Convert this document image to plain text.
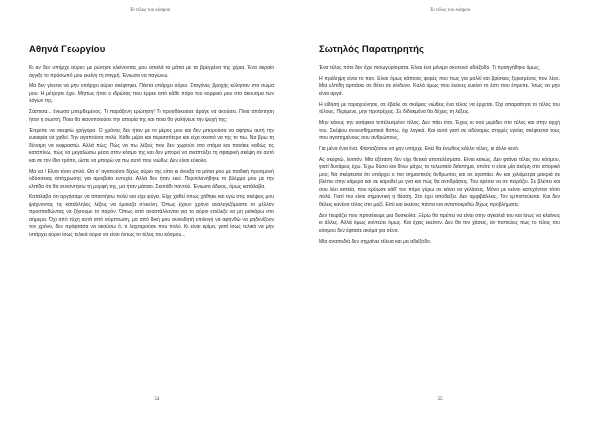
Το τέλος του κόσμου
Αθηνά Γεωργίου

Κι αν δεν υπήρχε αύριο; με ρώτησε κλείνοντας μου απαλά τα μάτια με τα βρεγμένα της χέρια. Ένα ακραίο άγγιξε το πρόσωπό μου εκείνη τη στιγμή. Ένιωσα να παγώνω.

Μα δεν γίνεται να μην υπάρχει αύριο σκέφτηκα. Πάντα υπάρχει αύριο. Σταγόνες βροχής κύλησαν στο σώμα μου. Η μέτρησε έχει. Μήπως ήταν ο ιδρώτας που έρρεε από κάθε πόρο του κορμιού μου στο άκουσμα των λόγων της.

Σάστισα... ένιωσα μπερδεμένος. Τι παράξενη ερώτηση! Τι προσδοκούσε άραγε να ακούσει. Ποια απάντηση ήταν η σωστή; Ποια θα ικανοποιούσε την απορία της και ποια θα γαλήνευε την ψυχή της;

Έπρεπε να σκεφτώ γρήγορα. Ο χρόνος δεν ήταν με το μέρος μου και δεν μπορούσα να αφήσω αυτή την ευκαιρία να χαθεί. Την αγαπούσα πολύ. Κάθε μέρα και περισσότερο και είχα σκοπό να της το πω. Να βρω τη δύναμη να εκφραστώ. Αλλά πώς; Πώς να πω λέξεις που δεν χωρούν στο στόμα και πανάκε καθώς τις καταπίνω, πώς να μεγαλώσω μέσα στον κόσμο της και δεν μπορεί να αναπτύξει τη σφαιρική σκέψη σε αυτό και σε τον ίδιο τρόπο, ώστε να μπορώ να πω αυτό που νιώθω; Δεν είναι εύκολο.

Μα να ! Είναι τόσο απλό. Θα σ’ αγαπούσα δίχως αύριο της είπα κι άνοιξα τα μάτια μου με παιδική προσμονή οδύσσειας απόχρωσης για αμοιβαία ευτυχία. Αλλά δεν ήταν εκεί. Περιπλανήθηκε το βλέμμα μου με την ελπίδα ότι θα συναντήσω τη μορφή της, μα ήταν μάταιο. Σκοτάδι παντού. Ένιωσα άδειος, όμως κατάλαβα.

Κατάλαβα ότι αργήσαμε να απαντήσω πολύ και είχε φύγει. Είχε χαθεί όπως χάθηκε και εγώ στις σκέψεις μου ψάχνοντας τις κατάλληλες λέξεις να έμοιαζα σ'εκείνη. Όπως έχουν χρόνο αναλογιζόμαστε το μέλλον προσπαθώντας να ζήσουμε το παρόν. Όπως από αναστάλλονται για το αύριο επέλεξε να μη ρισκάρω στο σήμερα. Όχι από τύχη αυτά από σύμπτωση, μα από δική μου συνειδητή επιλογή να αφηνθώ να μηδενίζουν τον χρόνο, δεν πρόφτασα να ακούσω ό, τι λαχταρούσε που πολύ. Κι είναι κρίμα, γιατί ίσως τελικά να μην υπάρχει αύριο ίσως τελικά αύριο να είναι όντως το τέλος του κόσμου...

54
Το τέλος του κόσμου
Σωτηλός Παρατηρητής

Ένα τέλος πότε δεν έχει πισωγυρίσματα. Είναι ένα μόνιμο σκοτεινό αδιέξοδο. Τι προηγήθηκε όμως;

Η πράληψη είναι το παν. Είναι όμως κάποιος φορές που πως για μαλλί και βρίσκεις ξυρισμένος που λένε. Μία ελπίδη αρπάσει σε θέτει σε κίνδυνο. Καλά όμως που έκανες ευκίνο το έστι που έπρεπε. Ίσως να μην είναι αργά.

Η είδηση με ταραχούνησε, σε έβαλε σε σκέψεις νιώθεις ένα τέλος να έρχεται. Όχι απαραίτητα το τέλος του τέλους. Περίμενε, μην προτρέχεις. Σε διδακμένα θα δέχεις τη λέξεις.

Μην κάνεις την ασάφεια τεπέλεσμόνο τέλος. Δεν πάει έτσι. Έχεις κι σού μερίδιο στο τέλος και στην αρχή του. Σκέψου συνεισθηματικά θαπω, όχι λογικά. Και αυτό γιατί σε αδύναμες στιγμές υγείας σκέφτεσαι τους που αγαπημένους σου ανθρώπους.

Για μένα έναι ένα. Φανταζόσου να μην υπήρχε. Εκεί θα ένωθεις κάλλο τέλος, κι άλλο κενό.

Ας σκεφτώ, λοιπόν. Μία εξέταση δεν είχε θετικά αποτελέσματα. Είναι κακώς. Δεν φτάνει τέλος του κόσμου, γιατί δυνάμεις έχω. Έχω δύσει και δίνω μάχες το τελευταίο διάστημα, οπότε τι είναι μία ακόμη στο ιστορικό μου; Να σκέφτεσαι ότι υπάρχει ο πιο σημαντικός άνθρωπος και σε αγαπάει. Αν και χιλιόμετρα μακριά σε βλέπει στην κάμερα και σε καροδεί με γνα και πώς θα αντιδράσεις. Του αρέσει να σε πειράζει. Σε βλέπει και σου λέει αστεία, που κρύωσε κάθ’ τον πόρο γύρω σε κάνει να γελάσεις. Μόνο με κείνοι κατεχόνταν τόσο πολύ. Γιατί του είναι σημαντική η θέαση. Στο έχει αποδείξει. Δεν αμφιβάλλεις. Τον εμπιστεύεσαι. Και δεν θέλεις κανένα τέλος στο μαζί. Εσύ και εκείνος πάντα και ανταποκριθώ δίχως προβλήματα.

Δεν πειράζει που προσέκειμε μια δυσκολία. Ξέρω θα πρέπει να είναι στην αγκαλιά του και ίσως να κλαίνεις κι άλλες. Αλλά όμως κοντεύει όμως. Και έχεις εκείνον. Δεν θα τον χάσεις, αν πιστεύεις πως το τέλος του κόσμου δεν έφτασε ακόμα για σένα.

Μία αναποδιά δεν σημαίνει τέλεια και μα αδιέξοδο.

55
